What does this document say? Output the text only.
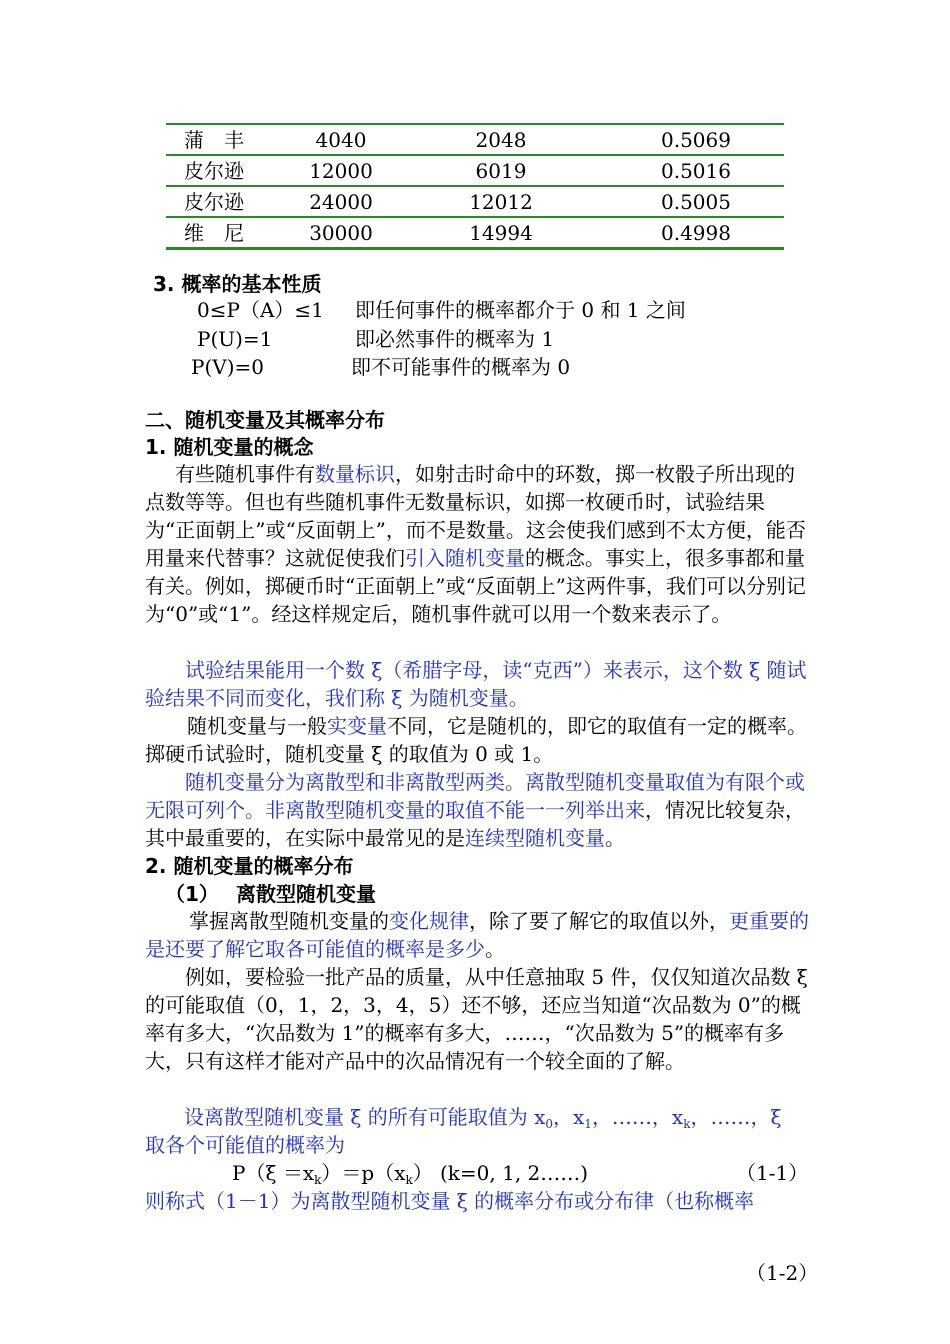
蒲　丰	4040	2048	0.5069
皮尔逊	12000	6019	0.5016
皮尔逊	24000	12012	0.5005
维　尼	30000	14994	0.4998
3. 概率的基本性质
0≤P（A）≤1 即任何事件的概率都介于 0 和 1 之间
P(U)=1	即必然事件的概率为 1
P(V)=0	即不可能事件的概率为 0
二、随机变量及其概率分布
1. 随机变量的概念
有些随机事件有数量标识，如射击时命中的环数，掷一枚骰子所出现的点数等等。但也有些随机事件无数量标识，如掷一枚硬币时，试验结果为“正面朝上”或“反面朝上”，而不是数量。这会使我们感到不太方便，能否用量来代替事？这就促使我们引入随机变量的概念。事实上，很多事都和量有关。例如，掷硬币时“正面朝上”或“反面朝上”这两件事，我们可以分别记为“0”或“1”。经这样规定后，随机事件就可以用一个数来表示了。
试验结果能用一个数 ξ（希腊字母，读“克西”）来表示，这个数 ξ 随试验结果不同而变化，我们称 ξ 为随机变量。
随机变量与一般实变量不同，它是随机的，即它的取值有一定的概率。掷硬币试验时，随机变量 ξ 的取值为 0 或 1。
随机变量分为离散型和非离散型两类。离散型随机变量取值为有限个或无限可列个。非离散型随机变量的取值不能一一列举出来，情况比较复杂，其中最重要的，在实际中最常见的是连续型随机变量。
2. 随机变量的概率分布
（1） 离散型随机变量
掌握离散型随机变量的变化规律，除了要了解它的取值以外，更重要的是还要了解它取各可能值的概率是多少。
例如，要检验一批产品的质量，从中任意抽取 5 件，仅仅知道次品数 ξ 的可能取值（0，1，2，3，4，5）还不够，还应当知道“次品数为 0”的概率有多大，“次品数为 1”的概率有多大，……，“次品数为 5”的概率有多大，只有这样才能对产品中的次品情况有一个较全面的了解。
设离散型随机变量 ξ 的所有可能取值为 $x_0$，$x_1$，……，$x_k$，……，ξ
取各个可能值的概率为
$P(\xi =x_k)=p(x_k)$ (k=0, 1, 2……)	（1-1）
则称式（1－1）为离散型随机变量 ξ 的概率分布或分布律（也称概率
（1-2）
